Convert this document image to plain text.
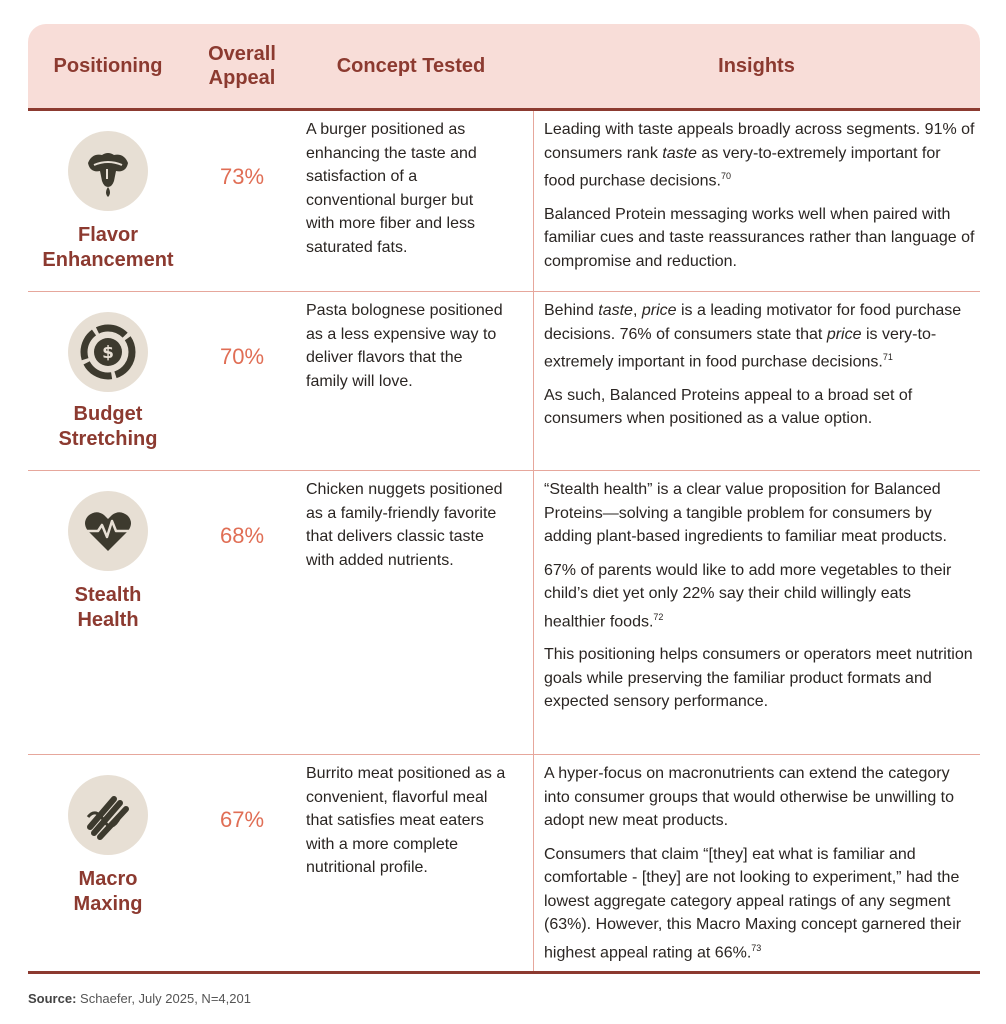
Positioning
Overall
Appeal
Concept Tested	Insights
Flavor
Enhancement
73%
A burger positioned as enhancing the taste and satisfaction of a conventional burger but with more fiber and less saturated fats.

Leading with taste appeals broadly across segments. 91% of consumers rank taste as very-to-extremely important for food purchase decisions.$^{70}$

Balanced Protein messaging works well when paired with familiar cues and taste reassurances rather than language of compromise and reduction.

$
Budget
Stretching
70%
Pasta bolognese positioned as a less expensive way to deliver flavors that the family will love.

Behind taste, price is a leading motivator for food purchase decisions. 76% of consumers state that price is very-to-extremely important in food purchase decisions.$^{71}$

As such, Balanced Proteins appeal to a broad set of consumers when positioned as a value option.

Stealth
Health
68%
Chicken nuggets positioned as a family-friendly favorite that delivers classic taste with added nutrients.

“Stealth health” is a clear value proposition for Balanced Proteins—solving a tangible problem for consumers by adding plant-based ingredients to familiar meat products.

67% of parents would like to add more vegetables to their child’s diet yet only 22% say their child willingly eats healthier foods.$^{72}$

This positioning helps consumers or operators meet nutrition goals while preserving the familiar product formats and expected sensory performance.

Macro
Maxing
67%
Burrito meat positioned as a convenient, flavorful meal that satisfies meat eaters with a more complete nutritional profile.

A hyper-focus on macronutrients can extend the category into consumer groups that would otherwise be unwilling to adopt new meat products.

Consumers that claim “[they] eat what is familiar and comfortable - [they] are not looking to experiment,” had the lowest aggregate category appeal ratings of any segment (63%). However, this Macro Maxing concept garnered their highest appeal rating at 66%.$^{73}$

Source: Schaefer, July 2025, N=4,201
